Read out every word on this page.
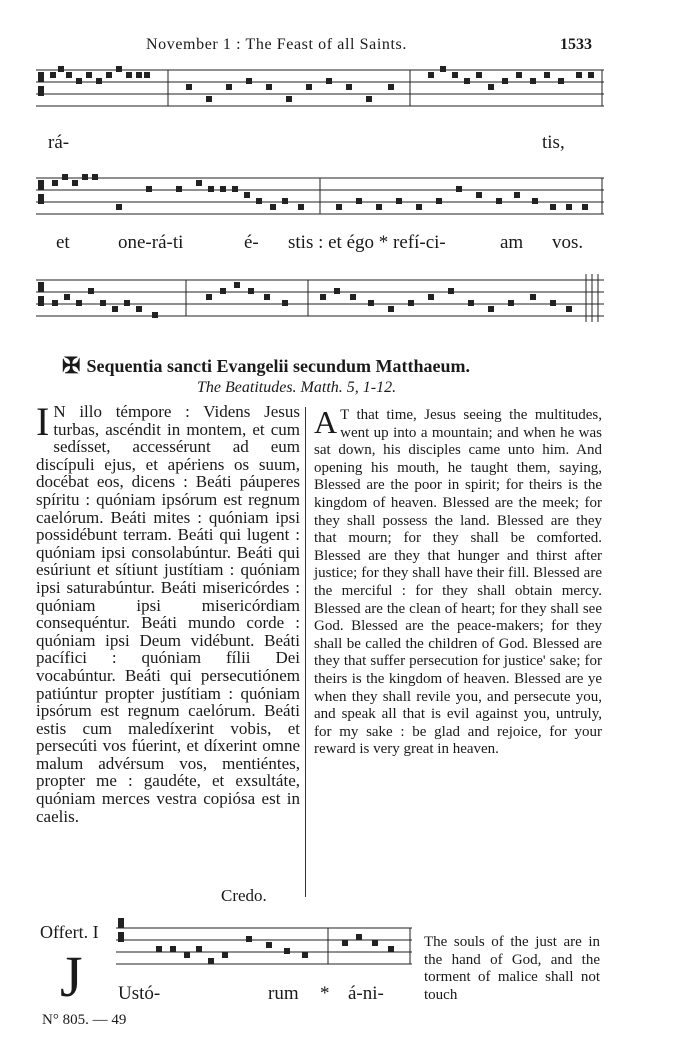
November 1 : The Feast of all Saints.	1533
rá-	tis,
et	one-rá-ti	é- stis : et égo * refí-ci-	am vos.
✠ Sequentia sancti Evangelii secundum Matthaeum.
The Beatitudes. Matth. 5, 1-12.
I N illo témpore : Videns Jesus turbas, ascéndit in montem, et cum sedísset, accessérunt ad eum discípuli ejus, et apériens os suum, docébat eos, dicens : Beáti páuperes spíritu : quóniam ipsórum est regnum caelórum. Beáti mites : quóniam ipsi possidébunt terram. Beáti qui lugent : quóniam ipsi consolabúntur. Beáti qui esúriunt et sítiunt justítiam : quóniam ipsi saturabúntur. Beáti misericórdes : quóniam ipsi misericórdiam consequéntur. Beáti mundo corde : quóniam ipsi Deum vidébunt. Beáti pacífici : quóniam fílii Dei vocabúntur. Beáti qui persecutiónem patiúntur propter justítiam : quóniam ipsórum est regnum caelórum. Beáti estis cum maledíxerint vobis, et persecúti vos fúerint, et díxerint omne malum advérsum vos, mentiéntes, propter me : gaudéte, et exsultáte, quóniam merces vestra copiósa est in caelis.
Credo.
A T that time, Jesus seeing the multitudes, went up into a mountain; and when he was sat down, his disciples came unto him. And opening his mouth, he taught them, saying, Blessed are the poor in spirit; for theirs is the kingdom of heaven. Blessed are the meek; for they shall possess the land. Blessed are they that mourn; for they shall be comforted. Blessed are they that hunger and thirst after justice; for they shall have their fill. Blessed are the merciful : for they shall obtain mercy. Blessed are the clean of heart; for they shall see God. Blessed are the peace-makers; for they shall be called the children of God. Blessed are they that suffer persecution for justice' sake; for theirs is the kingdom of heaven. Blessed are ye when they shall revile you, and persecute you, and speak all that is evil against you, untruly, for my sake : be glad and rejoice, for your reward is very great in heaven.
Offert. I
J Ustó-	rum * á-ni-
The souls of the just are in the hand of God, and the torment of malice shall not touch
N° 805. — 49
